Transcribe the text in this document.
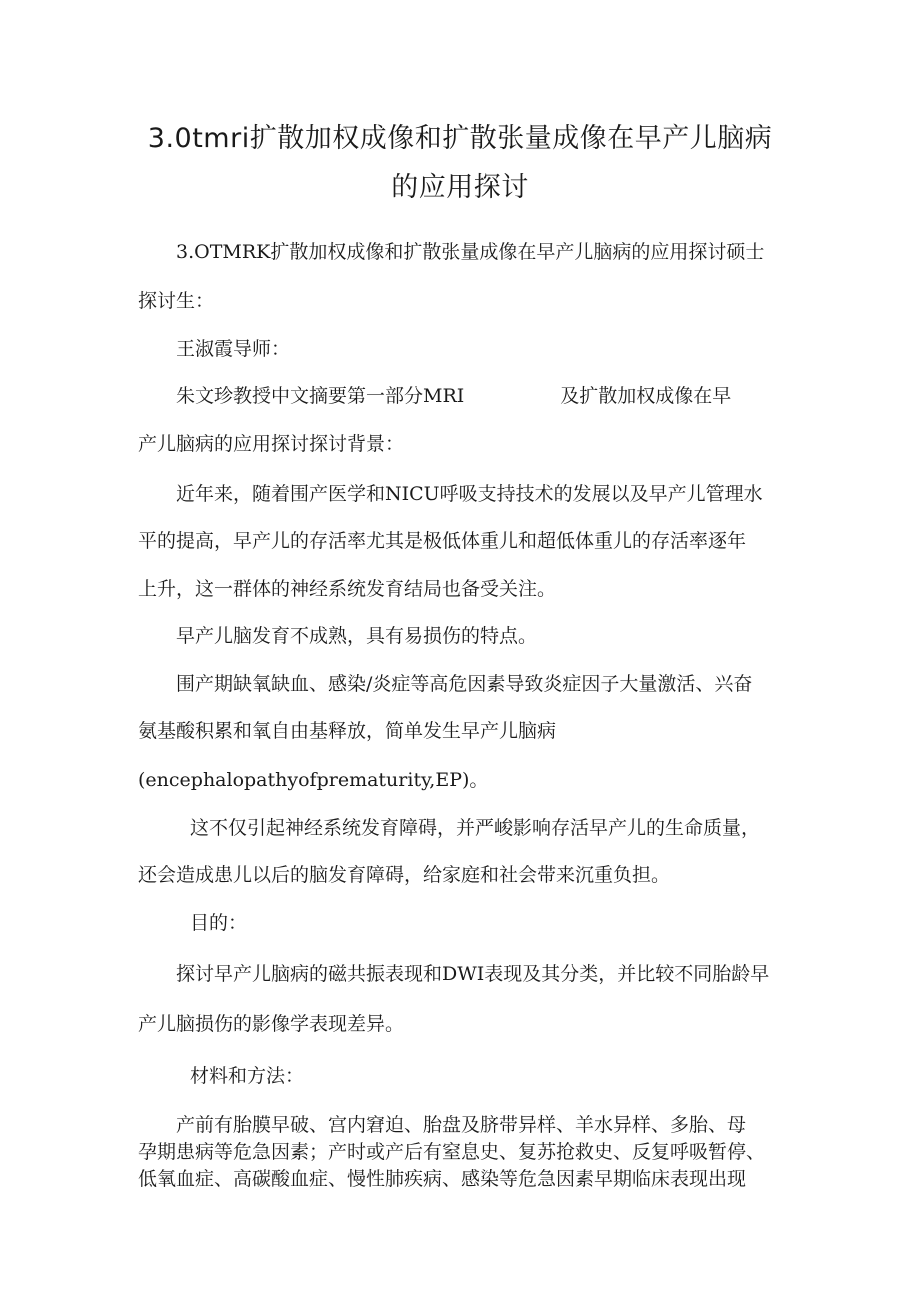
3.0tmri扩散加权成像和扩散张量成像在早产儿脑病
的应用探讨
3.OTMRK扩散加权成像和扩散张量成像在早产儿脑病的应用探讨硕士
探讨生：
王淑霞导师：
朱文珍教授中文摘要第一部分MRI	及扩散加权成像在早
产儿脑病的应用探讨探讨背景：
近年来，随着围产医学和NICU呼吸支持技术的发展以及早产儿管理水
平的提高，早产儿的存活率尤其是极低体重儿和超低体重儿的存活率逐年
上升，这一群体的神经系统发育结局也备受关注。
早产儿脑发育不成熟，具有易损伤的特点。
围产期缺氧缺血、感染/炎症等高危因素导致炎症因子大量激活、兴奋
氨基酸积累和氧自由基释放，简单发生早产儿脑病
(encephalopathyofprematurity,EP)。
这不仅引起神经系统发育障碍，并严峻影响存活早产儿的生命质量，
还会造成患儿以后的脑发育障碍，给家庭和社会带来沉重负担。
目的：
探讨早产儿脑病的磁共振表现和DWI表现及其分类，并比较不同胎龄早
产儿脑损伤的影像学表现差异。
材料和方法：
产前有胎膜早破、宫内窘迫、胎盘及脐带异样、羊水异样、多胎、母
孕期患病等危急因素；产时或产后有窒息史、复苏抢救史、反复呼吸暂停、
低氧血症、高碳酸血症、慢性肺疾病、感染等危急因素早期临床表现出现
